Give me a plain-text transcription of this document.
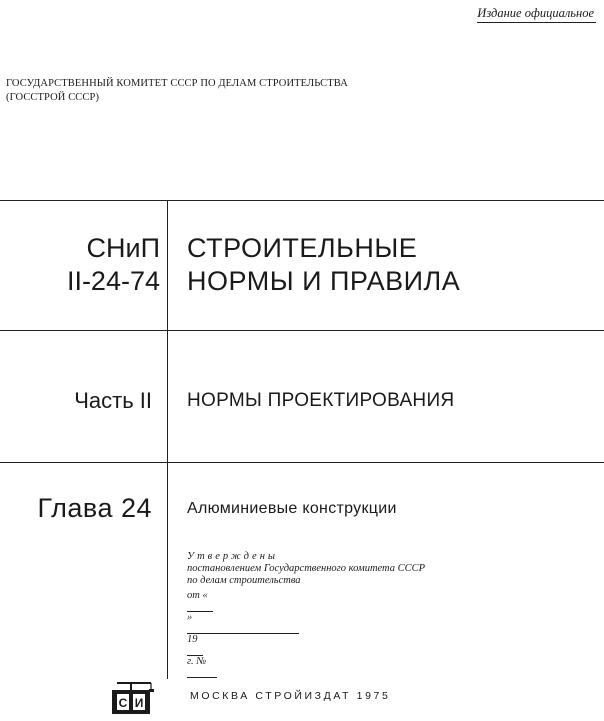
Издание официальное
ГОСУДАРСТВЕННЫЙ КОМИТЕТ СССР ПО ДЕЛАМ СТРОИТЕЛЬСТВА
(ГОССТРОЙ СССР)
СНиП
II-24-74
СТРОИТЕЛЬНЫЕ
НОРМЫ И ПРАВИЛА
Часть II НОРМЫ ПРОЕКТИРОВАНИЯ
Глава 24 Алюминиевые конструкции
Утверждены
постановлением Государственного комитета СССР
по делам строительства
от «
»
19
г. №
С И	МОСКВА СТРОЙИЗДАТ 1975
